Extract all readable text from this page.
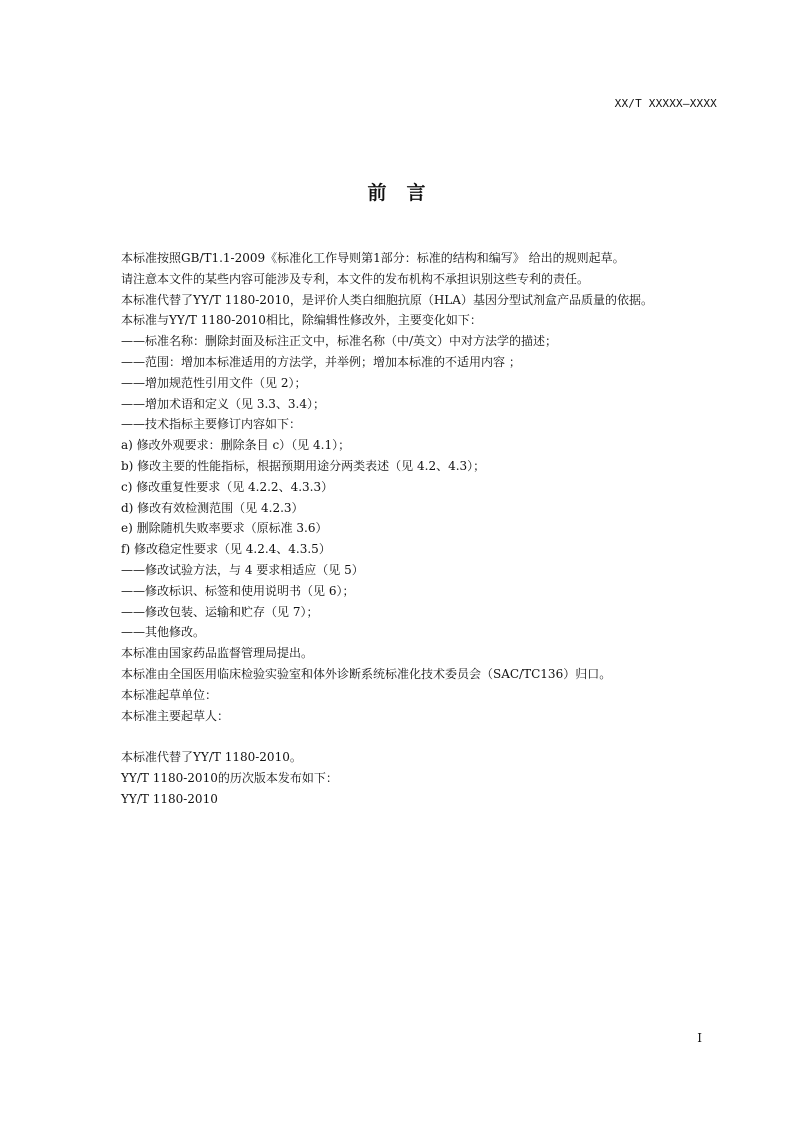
XX/T XXXXX—XXXX
前言
本标准按照GB/T1.1-2009《标准化工作导则第1部分：标准的结构和编写》 给出的规则起草。
请注意本文件的某些内容可能涉及专利，本文件的发布机构不承担识别这些专利的责任。
本标准代替了YY/T 1180-2010，是评价人类白细胞抗原（HLA）基因分型试剂盒产品质量的依据。
本标准与YY/T 1180-2010相比，除编辑性修改外，主要变化如下：
——标准名称：删除封面及标注正文中，标准名称（中/英文）中对方法学的描述；
——范围：增加本标准适用的方法学，并举例；增加本标准的不适用内容 ；
——增加规范性引用文件（见 2）；
——增加术语和定义（见 3.3、3.4）；
——技术指标主要修订内容如下：
a) 修改外观要求：删除条目 c）（见 4.1）；
b) 修改主要的性能指标，根据预期用途分两类表述（见 4.2、4.3）；
c) 修改重复性要求（见 4.2.2、4.3.3）
d) 修改有效检测范围（见 4.2.3）
e) 删除随机失败率要求（原标准 3.6）
f) 修改稳定性要求（见 4.2.4、4.3.5）
——修改试验方法，与 4 要求相适应（见 5）
——修改标识、标签和使用说明书（见 6）；
——修改包装、运输和贮存（见 7）；
——其他修改。
本标准由国家药品监督管理局提出。
本标准由全国医用临床检验实验室和体外诊断系统标准化技术委员会（SAC/TC136）归口。
本标准起草单位：
本标准主要起草人：
本标准代替了YY/T 1180-2010。
YY/T 1180-2010的历次版本发布如下：
YY/T 1180-2010
I
